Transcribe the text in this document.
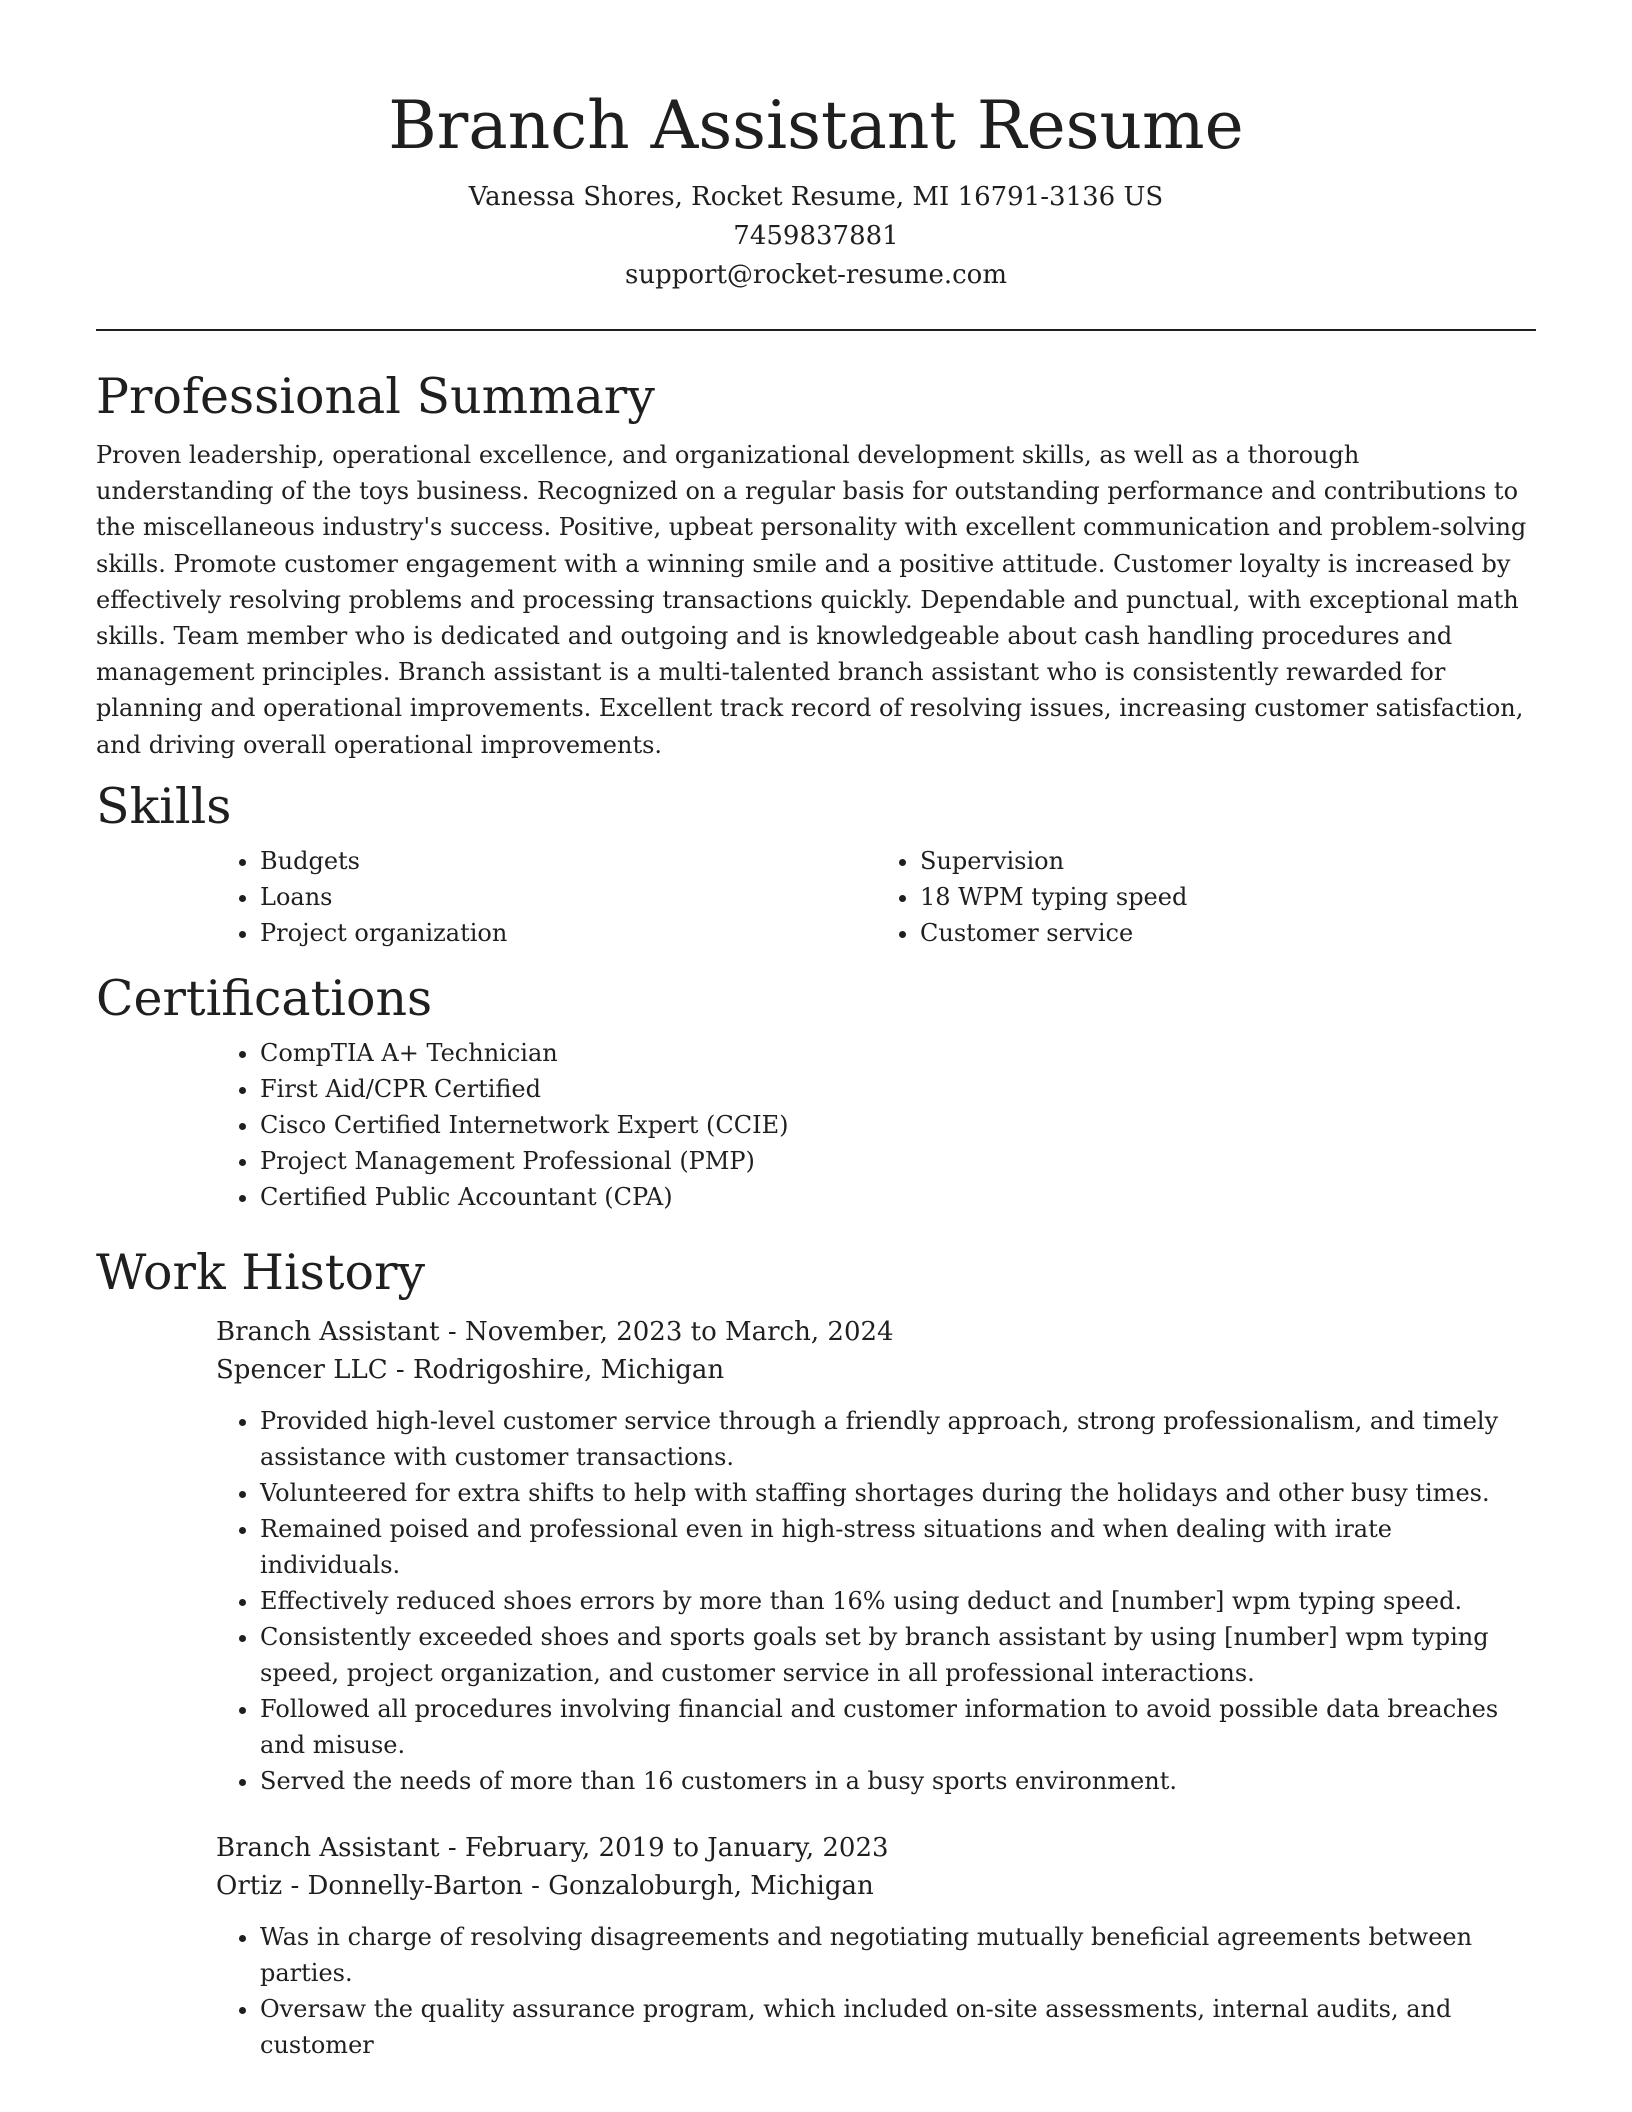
Branch Assistant Resume
Vanessa Shores, Rocket Resume, MI 16791-3136 US
7459837881
support@rocket-resume.com
Professional Summary

Proven leadership, operational excellence, and organizational development skills, as well as a thorough understanding of the toys business. Recognized on a regular basis for outstanding performance and contributions to the miscellaneous industry's success. Positive, upbeat personality with excellent communication and problem-solving skills. Promote customer engagement with a winning smile and a positive attitude. Customer loyalty is increased by effectively resolving problems and processing transactions quickly. Dependable and punctual, with exceptional math skills. Team member who is dedicated and outgoing and is knowledgeable about cash handling procedures and management principles. Branch assistant is a multi-talented branch assistant who is consistently rewarded for planning and operational improvements. Excellent track record of resolving issues, increasing customer satisfaction, and driving overall operational improvements.

Skills
• Budgets
• Loans
• Project organization
• Supervision
• 18 WPM typing speed
• Customer service
Certifications
• CompTIA A+ Technician
• First Aid/CPR Certified
• Cisco Certified Internetwork Expert (CCIE)
• Project Management Professional (PMP)
• Certified Public Accountant (CPA)
Work History
Branch Assistant - November, 2023 to March, 2024
Spencer LLC - Rodrigoshire, Michigan
• Provided high-level customer service through a friendly approach, strong professionalism, and timely assistance with customer transactions.
• Volunteered for extra shifts to help with staffing shortages during the holidays and other busy times.
• Remained poised and professional even in high-stress situations and when dealing with irate individuals.
• Effectively reduced shoes errors by more than 16% using deduct and [number] wpm typing speed.
• Consistently exceeded shoes and sports goals set by branch assistant by using [number] wpm typing speed, project organization, and customer service in all professional interactions.
• Followed all procedures involving financial and customer information to avoid possible data breaches and misuse.
• Served the needs of more than 16 customers in a busy sports environment.
Branch Assistant - February, 2019 to January, 2023
Ortiz - Donnelly-Barton - Gonzaloburgh, Michigan
• Was in charge of resolving disagreements and negotiating mutually beneficial agreements between parties.
• Oversaw the quality assurance program, which included on-site assessments, internal audits, and customer
